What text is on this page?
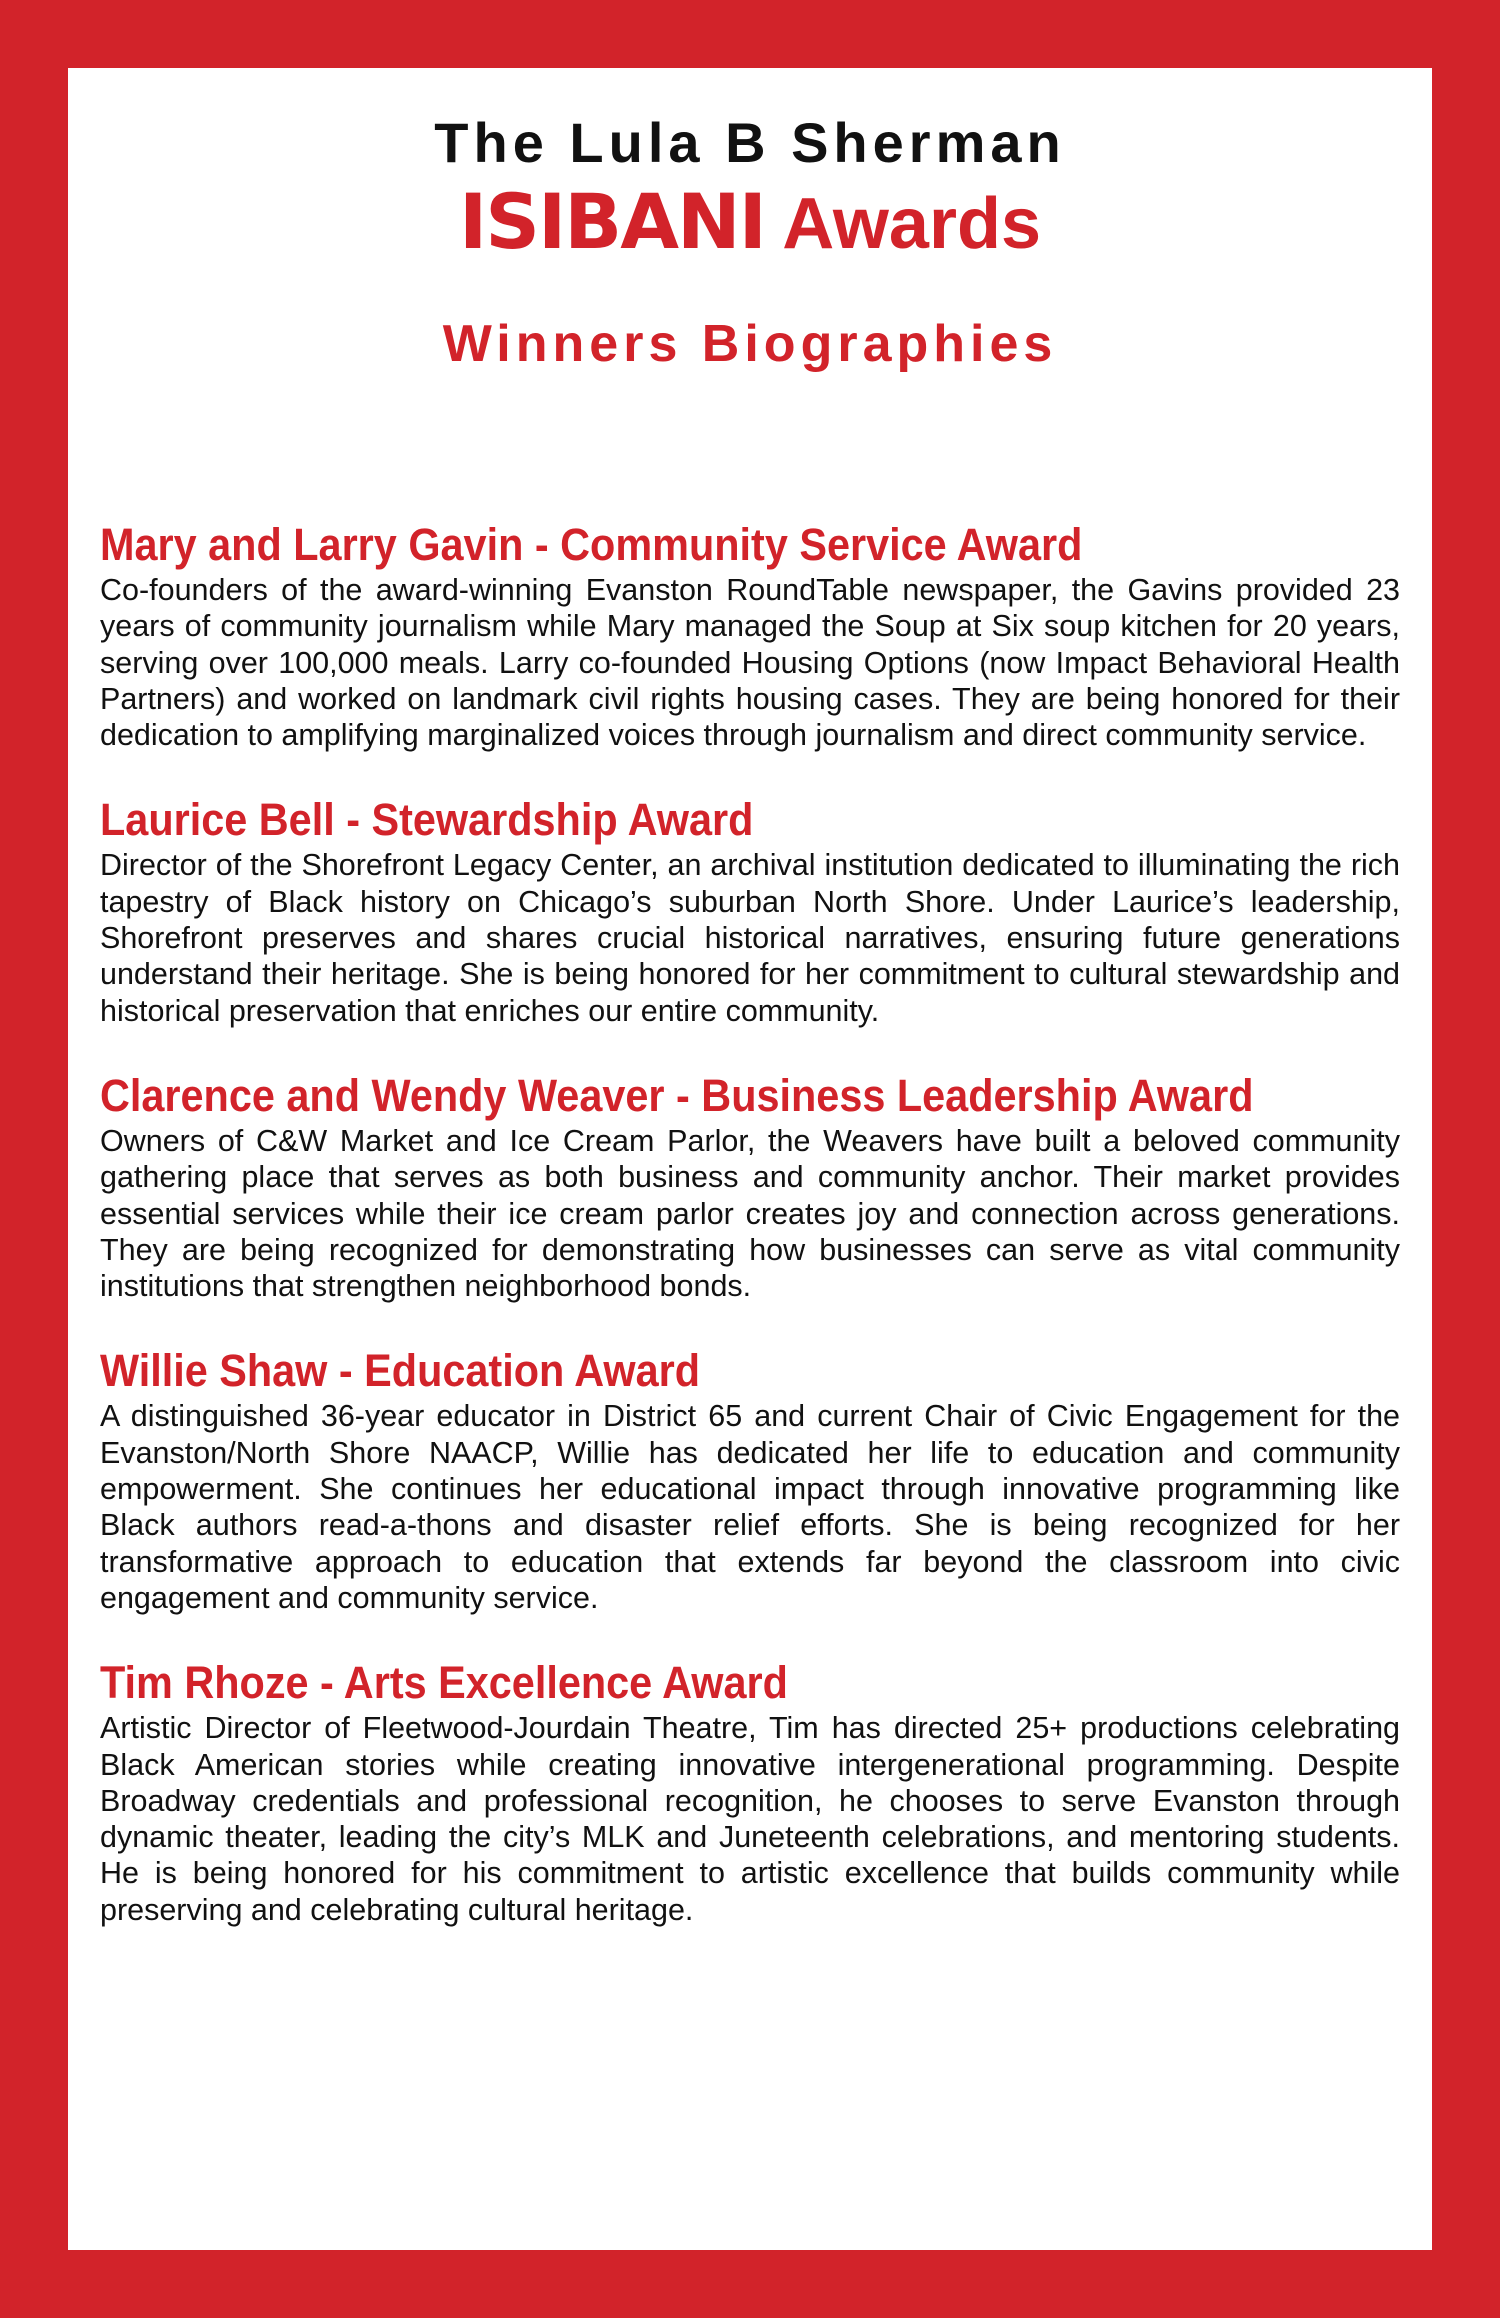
The Lula B Sherman

ISIBANI Awards

Winners Biographies

Mary and Larry Gavin - Community Service Award

Co-founders of the award-winning Evanston RoundTable newspaper, the Gavins provided 23 years of community journalism while Mary managed the Soup at Six soup kitchen for 20 years, serving over 100,000 meals. Larry co-founded Housing Options (now Impact Behavioral Health Partners) and worked on landmark civil rights housing cases. They are being honored for their dedication to amplifying marginalized voices through journalism and direct community service.

Laurice Bell - Stewardship Award

Director of the Shorefront Legacy Center, an archival institution dedicated to illuminating the rich tapestry of Black history on Chicago’s suburban North Shore. Under Laurice’s leadership, Shorefront preserves and shares crucial historical narratives, ensuring future generations understand their heritage. She is being honored for her commitment to cultural stewardship and historical preservation that enriches our entire community.

Clarence and Wendy Weaver - Business Leadership Award

Owners of C&W Market and Ice Cream Parlor, the Weavers have built a beloved community gathering place that serves as both business and community anchor. Their market provides essential services while their ice cream parlor creates joy and connection across generations. They are being recognized for demonstrating how businesses can serve as vital community institutions that strengthen neighborhood bonds.

Willie Shaw - Education Award

A distinguished 36-year educator in District 65 and current Chair of Civic Engagement for the Evanston/North Shore NAACP, Willie has dedicated her life to education and community empowerment. She continues her educational impact through innovative programming like Black authors read-a-thons and disaster relief efforts. She is being recognized for her transformative approach to education that extends far beyond the classroom into civic engagement and community service.

Tim Rhoze - Arts Excellence Award

Artistic Director of Fleetwood-Jourdain Theatre, Tim has directed 25+ productions celebrating Black American stories while creating innovative intergenerational programming. Despite Broadway credentials and professional recognition, he chooses to serve Evanston through dynamic theater, leading the city’s MLK and Juneteenth celebrations, and mentoring students. He is being honored for his commitment to artistic excellence that builds community while preserving and celebrating cultural heritage.
